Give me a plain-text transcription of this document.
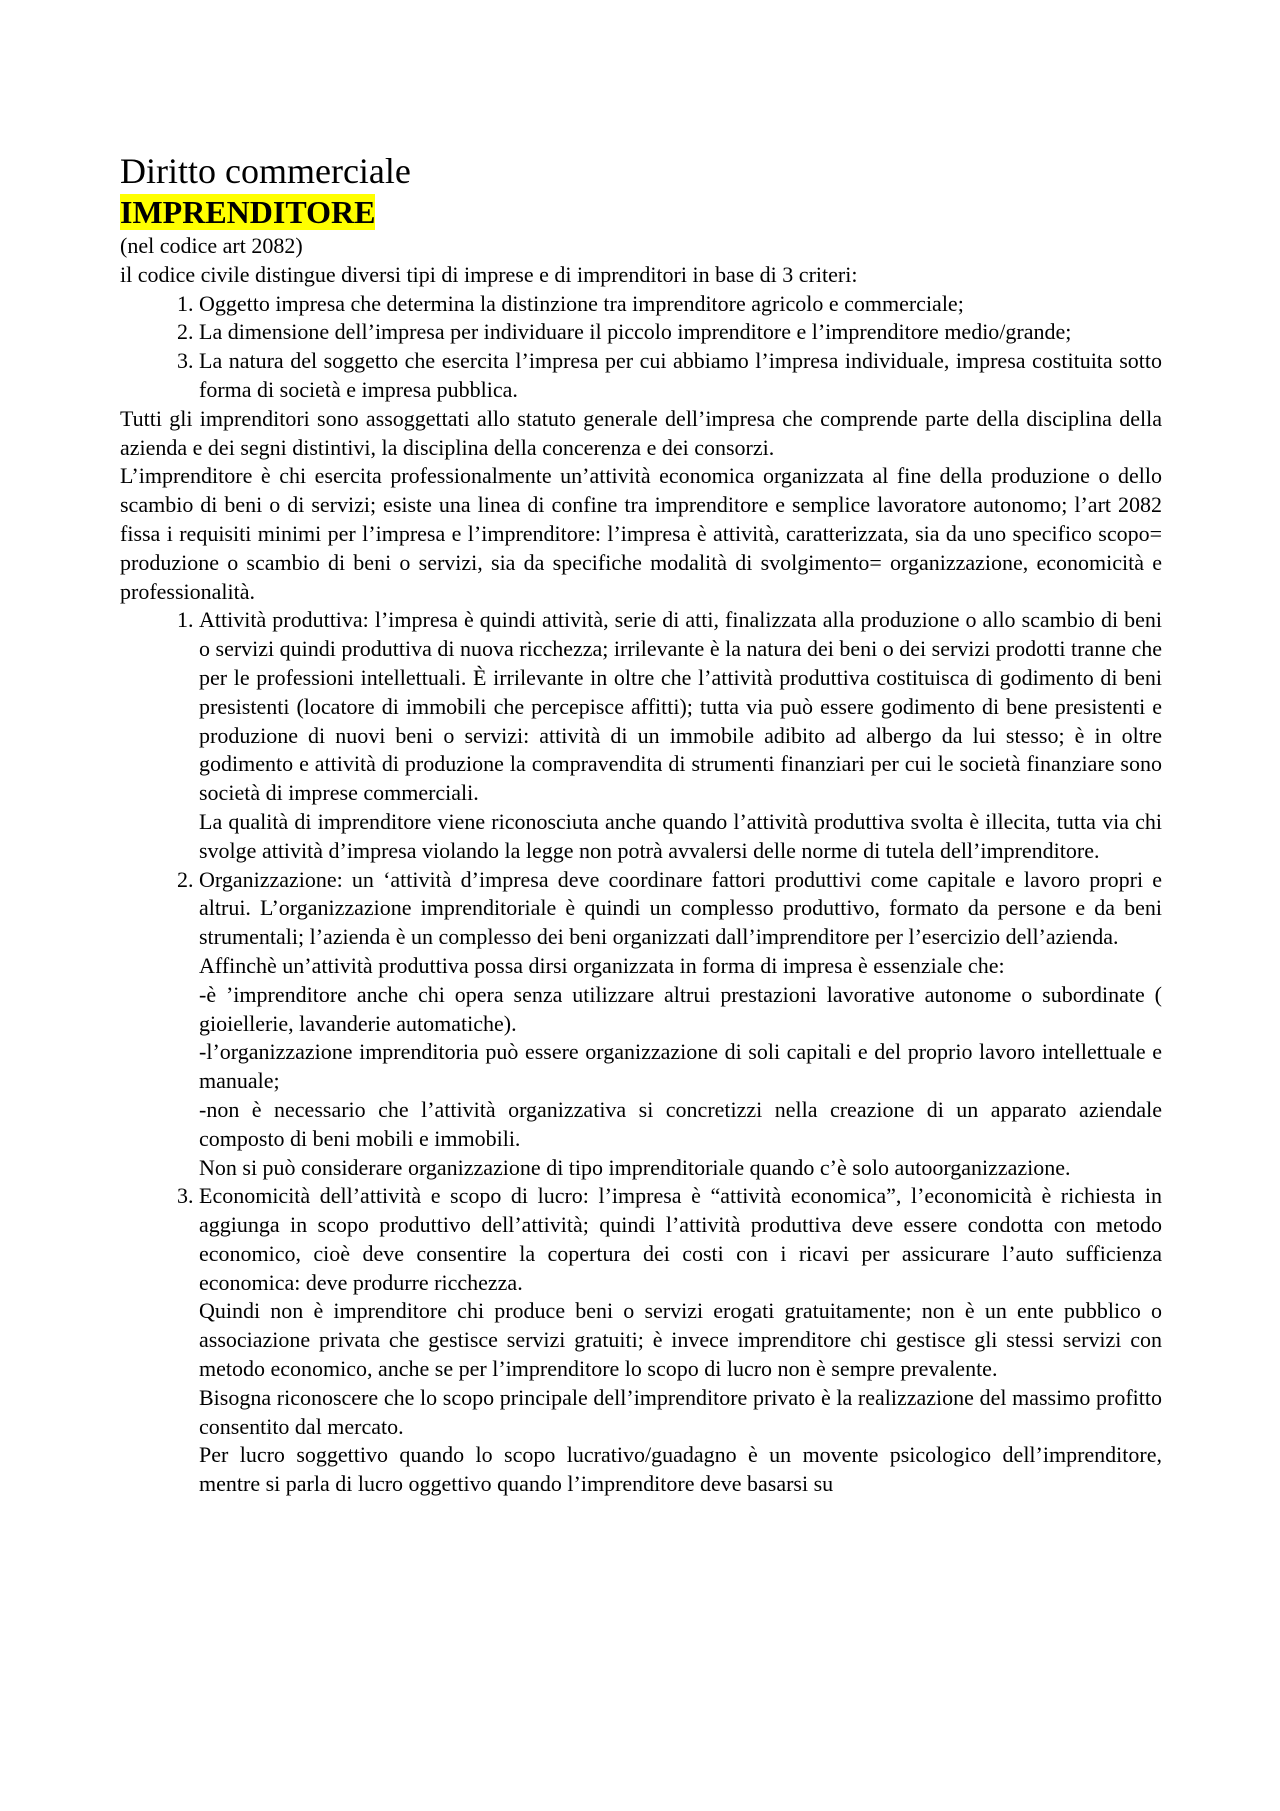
Diritto commerciale
IMPRENDITORE

(nel codice art 2082)

il codice civile distingue diversi tipi di imprese e di imprenditori in base di 3 criteri:

1. Oggetto impresa che determina la distinzione tra imprenditore agricolo e commerciale;
2. La dimensione dell’impresa per individuare il piccolo imprenditore e l’imprenditore medio/grande;
3. La natura del soggetto che esercita l’impresa per cui abbiamo l’impresa individuale, impresa costituita sotto forma di società e impresa pubblica.

Tutti gli imprenditori sono assoggettati allo statuto generale dell’impresa che comprende parte della disciplina della azienda e dei segni distintivi, la disciplina della concerenza e dei consorzi.

L’imprenditore è chi esercita professionalmente un’attività economica organizzata al fine della produzione o dello scambio di beni o di servizi; esiste una linea di confine tra imprenditore e semplice lavoratore autonomo; l’art 2082 fissa i requisiti minimi per l’impresa e l’imprenditore: l’impresa è attività, caratterizzata, sia da uno specifico scopo= produzione o scambio di beni o servizi, sia da specifiche modalità di svolgimento= organizzazione, economicità e professionalità.

1. Attività produttiva: l’impresa è quindi attività, serie di atti, finalizzata alla produzione o allo scambio di beni o servizi quindi produttiva di nuova ricchezza; irrilevante è la natura dei beni o dei servizi prodotti tranne che per le professioni intellettuali. È irrilevante in oltre che l’attività produttiva costituisca di godimento di beni presistenti (locatore di immobili che percepisce affitti); tutta via può essere godimento di bene presistenti e produzione di nuovi beni o servizi: attività di un immobile adibito ad albergo da lui stesso; è in oltre godimento e attività di produzione la compravendita di strumenti finanziari per cui le società finanziare sono società di imprese commerciali.

La qualità di imprenditore viene riconosciuta anche quando l’attività produttiva svolta è illecita, tutta via chi svolge attività d’impresa violando la legge non potrà avvalersi delle norme di tutela dell’imprenditore.

2. Organizzazione: un ‘attività d’impresa deve coordinare fattori produttivi come capitale e lavoro propri e altrui. L’organizzazione imprenditoriale è quindi un complesso produttivo, formato da persone e da beni strumentali; l’azienda è un complesso dei beni organizzati dall’imprenditore per l’esercizio dell’azienda.

Affinchè un’attività produttiva possa dirsi organizzata in forma di impresa è essenziale che:

-è ’imprenditore anche chi opera senza utilizzare altrui prestazioni lavorative autonome o subordinate ( gioiellerie, lavanderie automatiche).

-l’organizzazione imprenditoria può essere organizzazione di soli capitali e del proprio lavoro intellettuale e manuale;

-non è necessario che l’attività organizzativa si concretizzi nella creazione di un apparato aziendale composto di beni mobili e immobili.

Non si può considerare organizzazione di tipo imprenditoriale quando c’è solo autoorganizzazione.

3. Economicità dell’attività e scopo di lucro: l’impresa è “attività economica”, l’economicità è richiesta in aggiunga in scopo produttivo dell’attività; quindi l’attività produttiva deve essere condotta con metodo economico, cioè deve consentire la copertura dei costi con i ricavi per assicurare l’auto sufficienza economica: deve produrre ricchezza.

Quindi non è imprenditore chi produce beni o servizi erogati gratuitamente; non è un ente pubblico o associazione privata che gestisce servizi gratuiti; è invece imprenditore chi gestisce gli stessi servizi con metodo economico, anche se per l’imprenditore lo scopo di lucro non è sempre prevalente.

Bisogna riconoscere che lo scopo principale dell’imprenditore privato è la realizzazione del massimo profitto consentito dal mercato.

Per lucro soggettivo quando lo scopo lucrativo/guadagno è un movente psicologico dell’imprenditore, mentre si parla di lucro oggettivo quando l’imprenditore deve basarsi su
